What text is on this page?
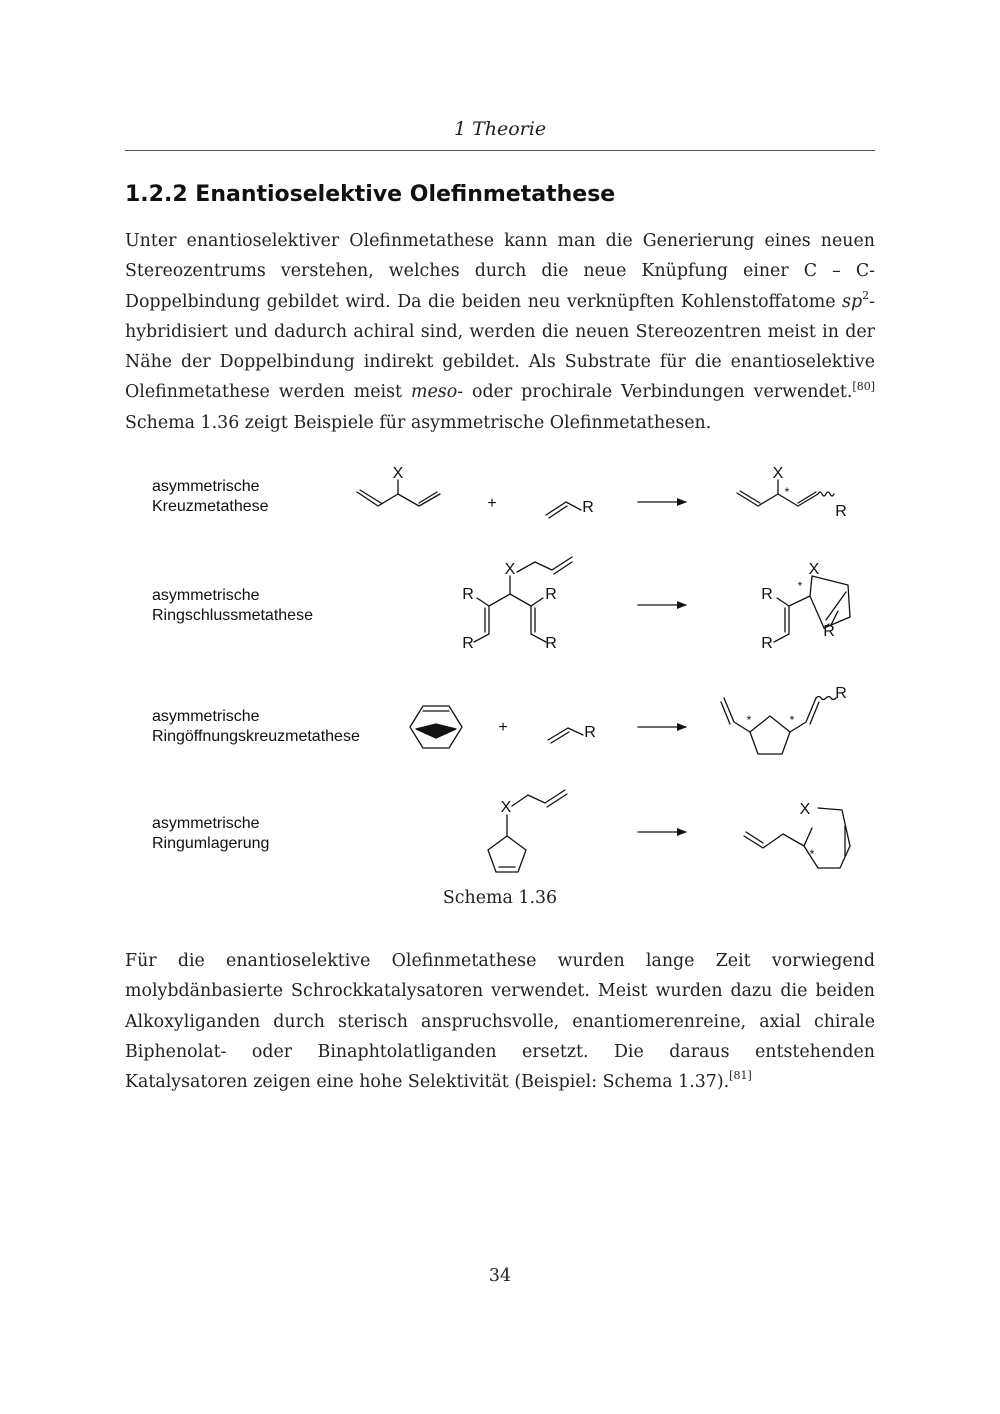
1 Theorie
1.2.2 Enantioselektive Olefinmetathese
Unter enantioselektiver Olefinmetathese kann man die Generierung eines neuen Stereozentrums verstehen, welches durch die neue Knüpfung einer C – C-Doppelbindung gebildet wird. Da die beiden neu verknüpften Kohlenstoffatome $sp^2$-hybridisiert und dadurch achiral sind, werden die neuen Stereozentren meist in der Nähe der Doppelbindung indirekt gebildet. Als Substrate für die enantioselektive Olefinmetathese werden meist meso- oder prochirale Verbindungen verwendet.[80] Schema 1.36 zeigt Beispiele für asymmetrische Olefinmetathesen.
asymmetrische
Kreuzmetathese
asymmetrische
Ringschlussmetathese
asymmetrische
Ringöffnungskreuzmetathese
asymmetrische
Ringumlagerung
X
+	R
X
R
X
R	R
R	R
X
R
R
R
+	R
R
X	X
*
*
*	*
*
Schema 1.36
Für die enantioselektive Olefinmetathese wurden lange Zeit vorwiegend molybdänbasierte Schrockkatalysatoren verwendet. Meist wurden dazu die beiden Alkoxyliganden durch sterisch anspruchsvolle, enantiomerenreine, axial chirale Biphenolat- oder Binaphtolatliganden ersetzt. Die daraus entstehenden Katalysatoren zeigen eine hohe Selektivität (Beispiel: Schema 1.37).[81]
34
